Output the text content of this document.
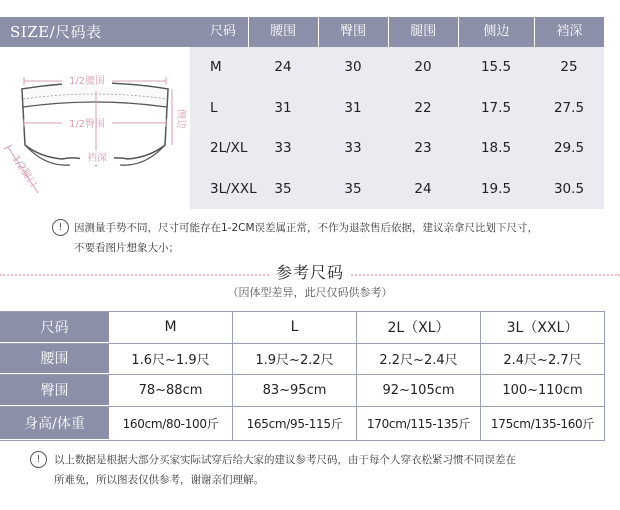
SIZE/尺码表	尺码	腰围	臀围	腿围	侧边	裆深
1/2腰围
1/2臀围	侧边
裆深
1/2腿口
M	24	30	20	15.5	25
L	31	31	22	17.5	27.5
2L/XL	33	33	23	18.5	29.5
3L/XXL	35	35	24	19.5	30.5
!	因测量手势不同，尺寸可能存在1-2CM误差属正常，不作为退款售后依据，建议亲拿尺比划下尺寸，
不要看图片想象大小；
参考尺码
（因体型差异，此尺仅码供参考）
尺码	M	L	2L（XL）	3L（XXL）
腰围	1.6尺~1.9尺	1.9尺~2.2尺	2.2尺~2.4尺	2.4尺~2.7尺
臀围	78~88cm	83~95cm	92~105cm	100~110cm
身高/体重	160cm/80-100斤	165cm/95-115斤	170cm/115-135斤	175cm/135-160斤
!	以上数据是根据大部分买家实际试穿后给大家的建议参考尺码，由于每个人穿衣松紧习惯不同误差在
所难免，所以图表仅供参考，谢谢亲们理解。
